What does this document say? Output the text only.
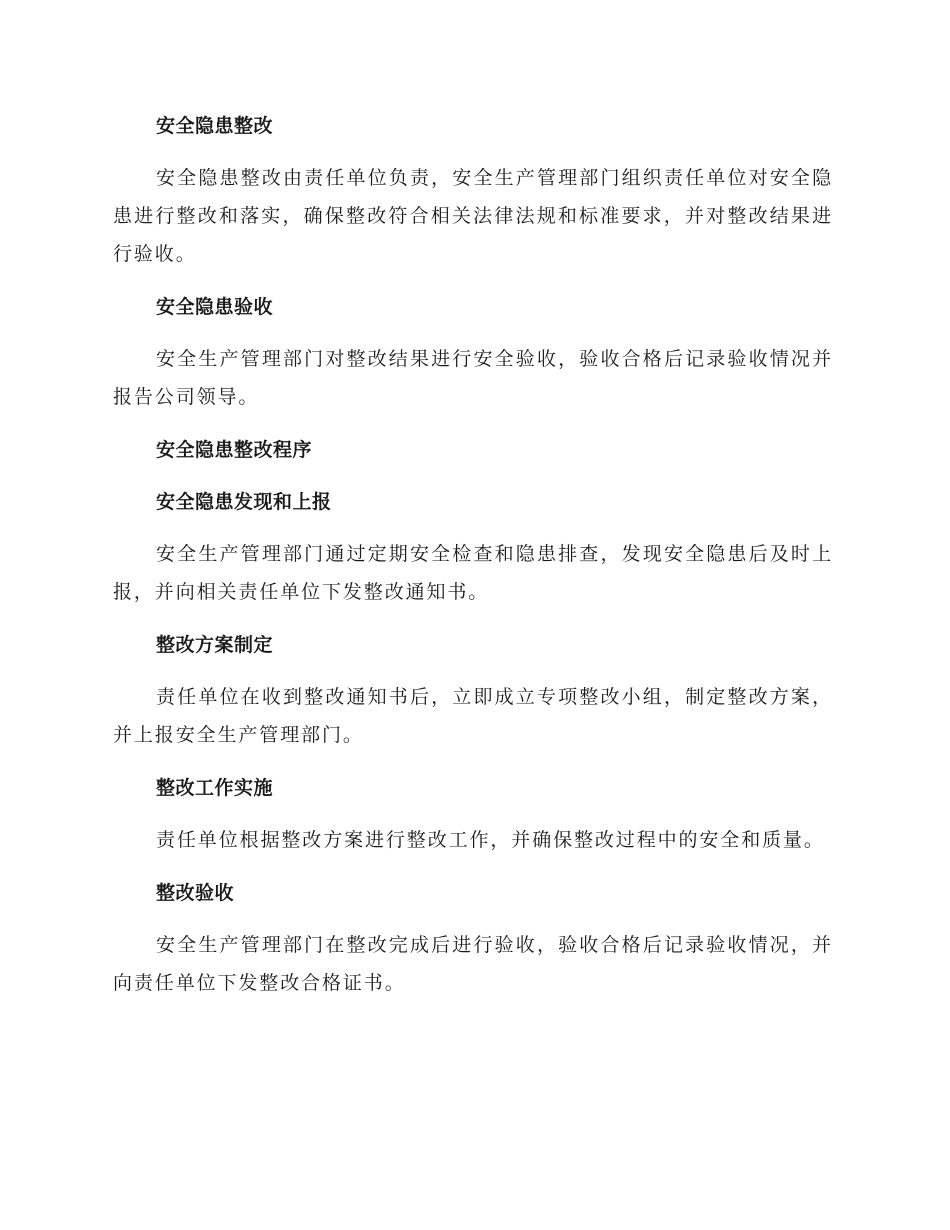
安全隐患整改
安全隐患整改由责任单位负责，安全生产管理部门组织责任单位对安全隐患进行整改和落实，确保整改符合相关法律法规和标准要求，并对整改结果进行验收。
安全隐患验收
安全生产管理部门对整改结果进行安全验收，验收合格后记录验收情况并报告公司领导。
安全隐患整改程序
安全隐患发现和上报
安全生产管理部门通过定期安全检查和隐患排查，发现安全隐患后及时上报，并向相关责任单位下发整改通知书。
整改方案制定
责任单位在收到整改通知书后，立即成立专项整改小组，制定整改方案，并上报安全生产管理部门。
整改工作实施
责任单位根据整改方案进行整改工作，并确保整改过程中的安全和质量。
整改验收
安全生产管理部门在整改完成后进行验收，验收合格后记录验收情况，并向责任单位下发整改合格证书。
